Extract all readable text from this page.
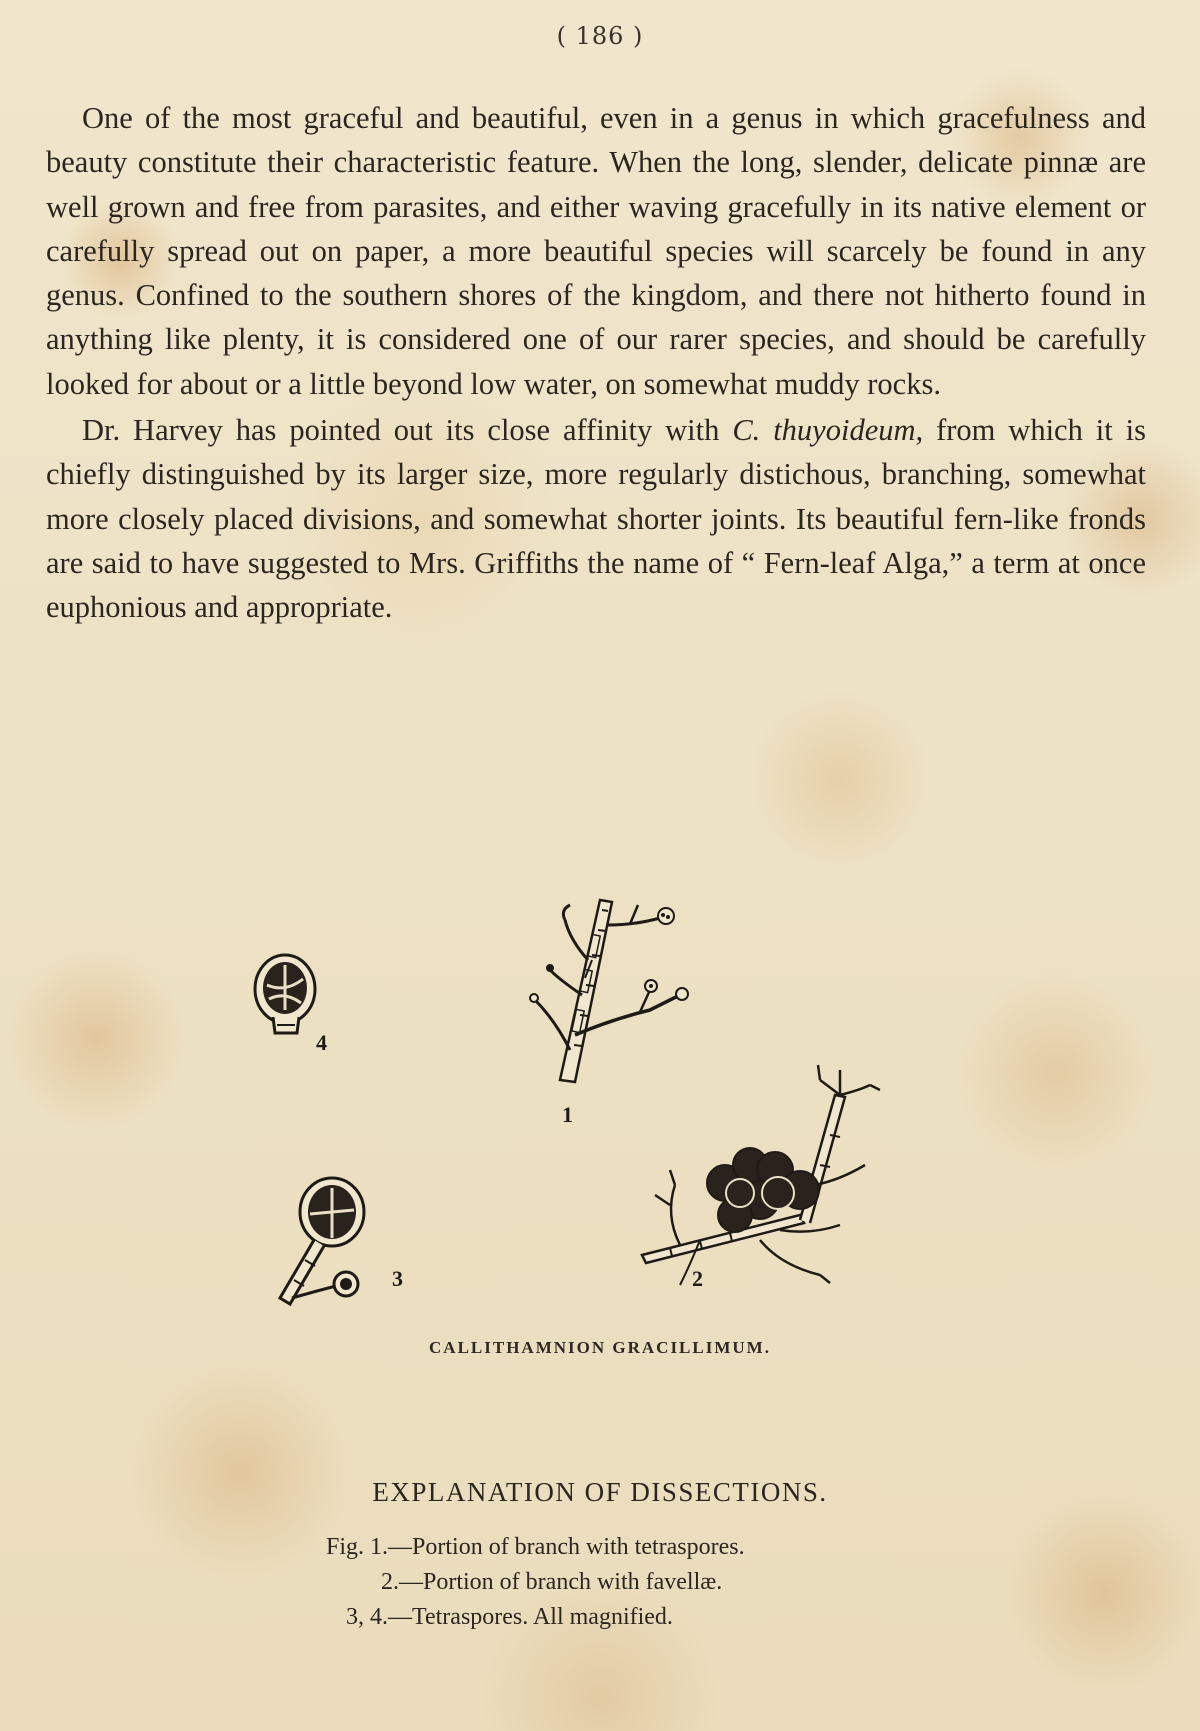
( 186 )

One of the most graceful and beautiful, even in a genus in which gracefulness and beauty constitute their characteristic feature. When the long, slender, delicate pinnæ are well grown and free from parasites, and either waving gracefully in its native element or carefully spread out on paper, a more beautiful species will scarcely be found in any genus. Confined to the southern shores of the kingdom, and there not hitherto found in anything like plenty, it is considered one of our rarer species, and should be carefully looked for about or a little beyond low water, on somewhat muddy rocks.

Dr. Harvey has pointed out its close affinity with C. thuyoideum, from which it is chiefly distinguished by its larger size, more regularly distichous, branching, somewhat more closely placed divisions, and somewhat shorter joints. Its beautiful fern-like fronds are said to have suggested to Mrs. Griffiths the name of “ Fern-leaf Alga,” a term at once euphonious and appropriate.

4
1
3	2
CALLITHAMNION GRACILLIMUM.
EXPLANATION OF DISSECTIONS.
Fig. 1.—Portion of branch with tetraspores.
2.—Portion of branch with favellæ.
3, 4.—Tetraspores. All magnified.
